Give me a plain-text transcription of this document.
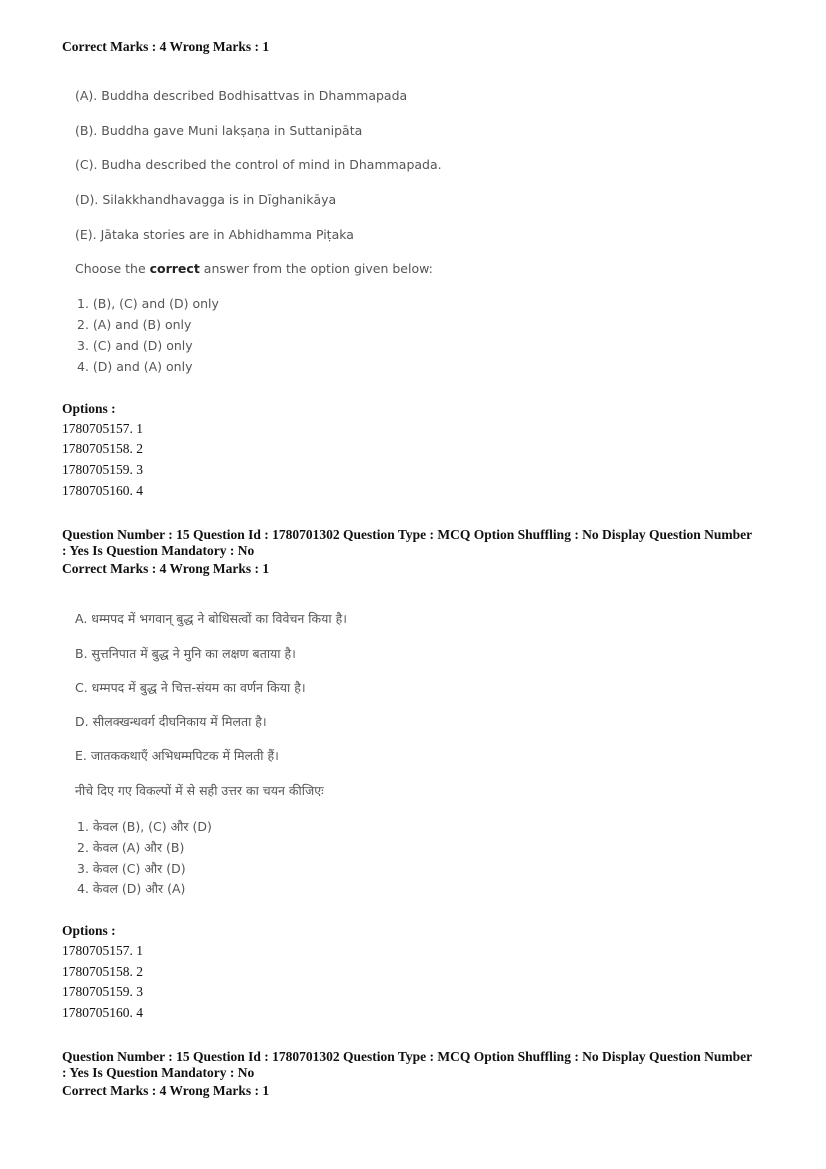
Correct Marks : 4 Wrong Marks : 1
(A). Buddha described Bodhisattvas in Dhammapada
(B). Buddha gave Muni lakṣaṇa in Suttanipāta
(C). Budha described the control of mind in Dhammapada.
(D). Silakkhandhavagga is in Dīghanikāya
(E). Jātaka stories are in Abhidhamma Piṭaka
Choose the correct answer from the option given below:
1. (B), (C) and (D) only
2. (A) and (B) only
3. (C) and (D) only
4. (D) and (A) only
Options :
1780705157. 1
1780705158. 2
1780705159. 3
1780705160. 4
Question Number : 15 Question Id : 1780701302 Question Type : MCQ Option Shuffling : No Display Question Number
: Yes Is Question Mandatory : No
Correct Marks : 4 Wrong Marks : 1
A. धम्मपद में भगवान् बुद्ध ने बोधिसत्वों का विवेचन किया है।
B. सुत्तनिपात में बुद्ध ने मुनि का लक्षण बताया है।
C. धम्मपद में बुद्ध ने चित्त-संयम का वर्णन किया है।
D. सीलक्खन्धवर्ग दीघनिकाय में मिलता है।
E. जातककथाएँ अभिधम्मपिटक में मिलती हैं।
नीचे दिए गए विकल्पों में से सही उत्तर का चयन कीजिएः
1. केवल (B), (C) और (D)
2. केवल (A) और (B)
3. केवल (C) और (D)
4. केवल (D) और (A)
Options :
1780705157. 1
1780705158. 2
1780705159. 3
1780705160. 4
Question Number : 15 Question Id : 1780701302 Question Type : MCQ Option Shuffling : No Display Question Number
: Yes Is Question Mandatory : No
Correct Marks : 4 Wrong Marks : 1
